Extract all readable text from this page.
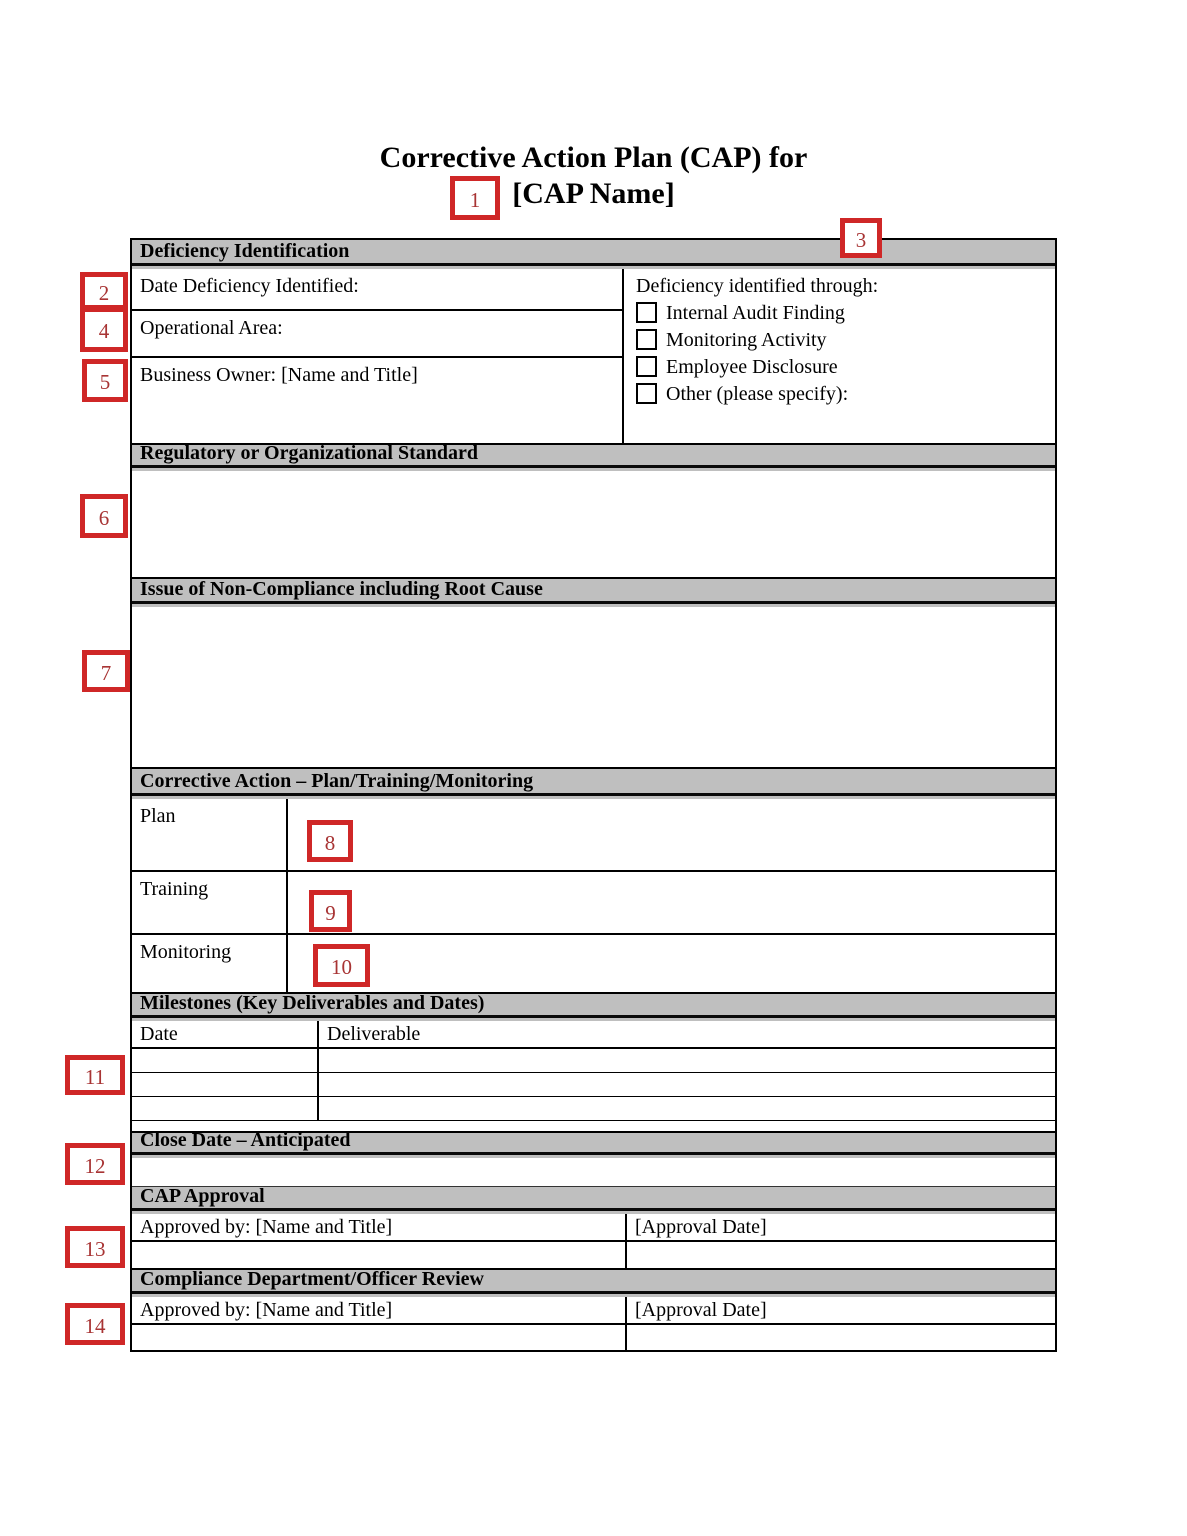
Corrective Action Plan (CAP) for
[CAP Name]
Deficiency Identification
Date Deficiency Identified:
Operational Area:
Business Owner: [Name and Title]
Deficiency identified through:
Internal Audit Finding
Monitoring Activity
Employee Disclosure
Other (please specify):
Regulatory or Organizational Standard
Issue of Non-Compliance including Root Cause
Corrective Action – Plan/Training/Monitoring
Plan
Training
Monitoring
Milestones (Key Deliverables and Dates)
Date	Deliverable
Close Date – Anticipated
CAP Approval
Approved by: [Name and Title]	[Approval Date]
Compliance Department/Officer Review
Approved by: [Name and Title]	[Approval Date]
1
2
3
4
5
6
7
8
9
10
11
12
13
14
